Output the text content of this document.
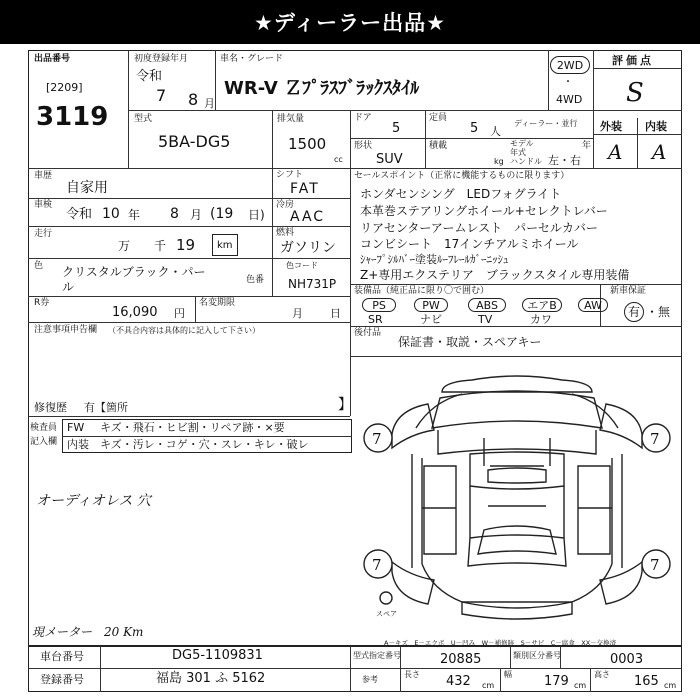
★ディーラー出品★
出品番号
[2209]
3119
初度登録年月
令和
7 8 月
車名・グレード
WR-V Ｚﾌﾟﾗｽﾌﾞﾗｯｸｽﾀｲﾙ
2WD
・
4WD
評価点
S
外装 内装
A A
型式
5BA-DG5
排気量
1500
cc
ドア
5
定員
5 人
ディーラー・並行
形状
SUV
積載
kg
モデル年式
ハンドル 左・右
年
車歴
自家用
車検
令和 10 年 8 月 (19 日)
走行
万 千 19 km
シフト
FAT
冷房
AAC
燃料
ガソリン
色 クリスタルブラック・パー
ル	色番
色コード
NH731P
R券
16,090 円
名変期限
月 日
注意事項申告欄 （不具合内容は具体的に記入して下さい）
修復歴 有【箇所	】
検査員
記入欄
FW キズ・飛石・ヒビ割・リペア跡・×要
内装 キズ・汚レ・コゲ・穴・スレ・キレ・破レ
オーディオレス 穴
セールスポイント（正常に機能するものに限ります）
ホンダセンシング　LEDフォグライト
本革巻ステアリングホイール+セレクトレバー
リアセンターアームレスト　パーセルカバー
コンビシート　17インチアルミホイール
ｼｬｰﾌﾟｼﾙﾊﾞｰ塗装ﾙｰﾌﾚｰﾙｶﾞｰﾆｯｼｭ
Z+専用エクステリア　ブラックスタイル専用装備
装備品（純正品に限り〇で囲む）
PS	PW	ABS	エアB	AW
SR	ナビ	TV	カワ
新車保証
有 ・無
後付品
保証書・取説・スペアキー
7	7
7	7
スペア
A－キズ　E－エクボ　U－凹み　W－補修跡　S－サビ　C－腐食　XX－交換済
現メーター　20 Km
車台番号	DG5-1109831
登録番号	福島 301 ふ 5162
型式指定番号	20885	類別区分番号	0003
参考
長さ 432 cm
幅 179 cm
高さ 165 cm
